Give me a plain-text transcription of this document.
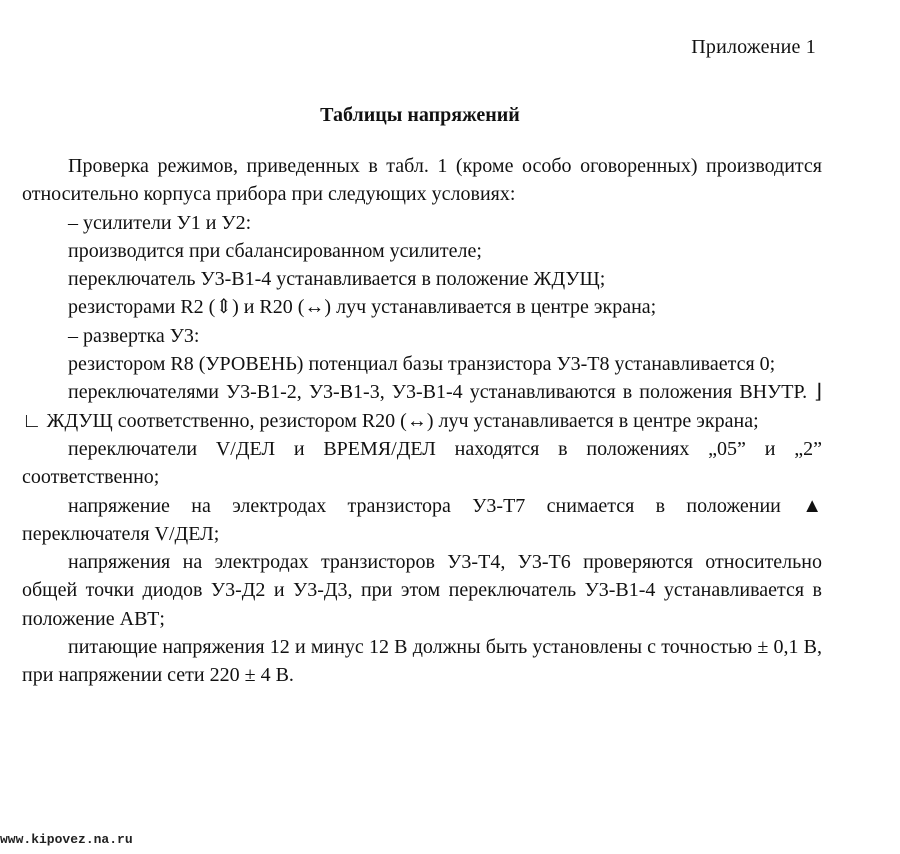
Приложение 1
Таблицы напряжений

Проверка режимов, приведенных в табл. 1 (кроме особо оговоренных) производится относительно корпуса прибора при следующих условиях:

– усилители У1 и У2:

производится при сбалансированном усилителе;

переключатель У3-В1-4 устанавливается в положение ЖДУЩ;

резисторами R2 (⇕) и R20 (↔) луч устанавливается в центре экрана;

– развертка У3:

резистором R8 (УРОВЕНЬ) потенциал базы транзистора У3-Т8 устанавливается 0;

переключателями У3-В1-2, У3-В1-3, У3-В1-4 устанавливаются в положения ВНУТР. ⌋ ∟ ЖДУЩ соответственно, резистором R20 (↔) луч устанавливается в центре экрана;

переключатели V/ДЕЛ и ВРЕМЯ/ДЕЛ находятся в положениях „05” и „2” соответственно;

напряжение на электродах транзистора У3-Т7 снимается в положении ▲ переключателя V/ДЕЛ;

напряжения на электродах транзисторов У3-Т4, У3-Т6 проверяются относительно общей точки диодов У3-Д2 и У3-Д3, при этом переключатель У3-В1-4 устанавливается в положение АВТ;

питающие напряжения 12 и минус 12 В должны быть установлены с точностью ± 0,1 В, при напряжении сети 220 ± 4 В.

www.kipovez.na.ru
